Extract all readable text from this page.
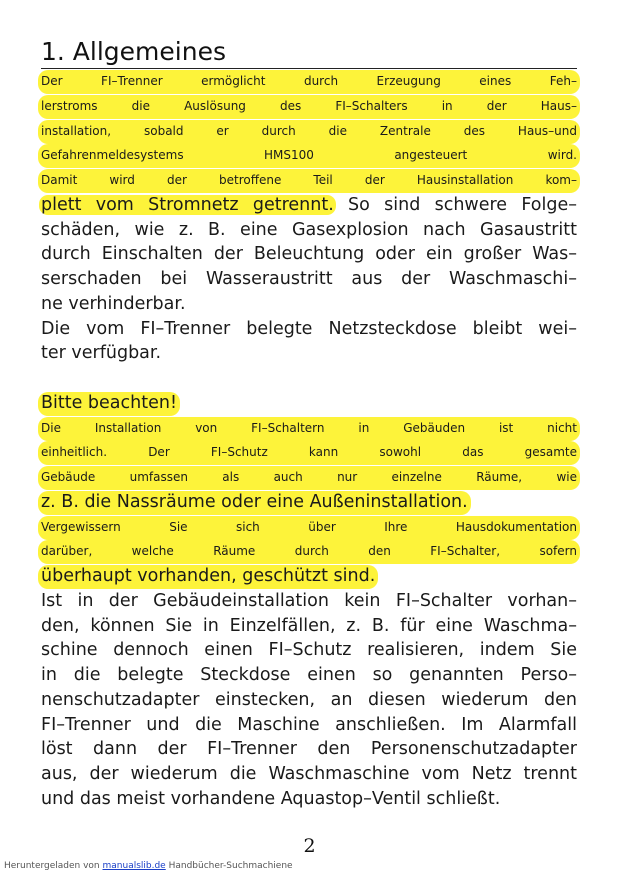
1. Allgemeines
Der FI–Trenner ermöglicht durch Erzeugung eines Feh–
lerstroms die Auslösung des FI–Schalters in der Haus–
installation, sobald er durch die Zentrale des Haus–und
Gefahrenmeldesystems HMS100 angesteuert wird.
Damit wird der betroffene Teil der Hausinstallation kom–
plett vom Stromnetz getrennt. So sind schwere Folge–
schäden, wie z. B. eine Gasexplosion nach Gasaustritt
durch Einschalten der Beleuchtung oder ein großer Was–
serschaden bei Wasseraustritt aus der Waschmaschi–
ne verhinderbar.
Die vom FI–Trenner belegte Netzsteckdose bleibt wei–
ter verfügbar.
Bitte beachten!
Die Installation von FI–Schaltern in Gebäuden ist nicht
einheitlich. Der FI–Schutz kann sowohl das gesamte
Gebäude umfassen als auch nur einzelne Räume, wie
z. B. die Nassräume oder eine Außeninstallation.
Vergewissern Sie sich über Ihre Hausdokumentation
darüber, welche Räume durch den FI–Schalter, sofern
überhaupt vorhanden, geschützt sind.
Ist in der Gebäudeinstallation kein FI–Schalter vorhan–
den, können Sie in Einzelfällen, z. B. für eine Waschma–
schine dennoch einen FI–Schutz realisieren, indem Sie
in die belegte Steckdose einen so genannten Perso–
nenschutzadapter einstecken, an diesen wiederum den
FI–Trenner und die Maschine anschließen. Im Alarmfall
löst dann der FI–Trenner den Personenschutzadapter
aus, der wiederum die Waschmaschine vom Netz trennt
und das meist vorhandene Aquastop–Ventil schließt.
2
Heruntergeladen von manualslib.de Handbücher-Suchmachiene
